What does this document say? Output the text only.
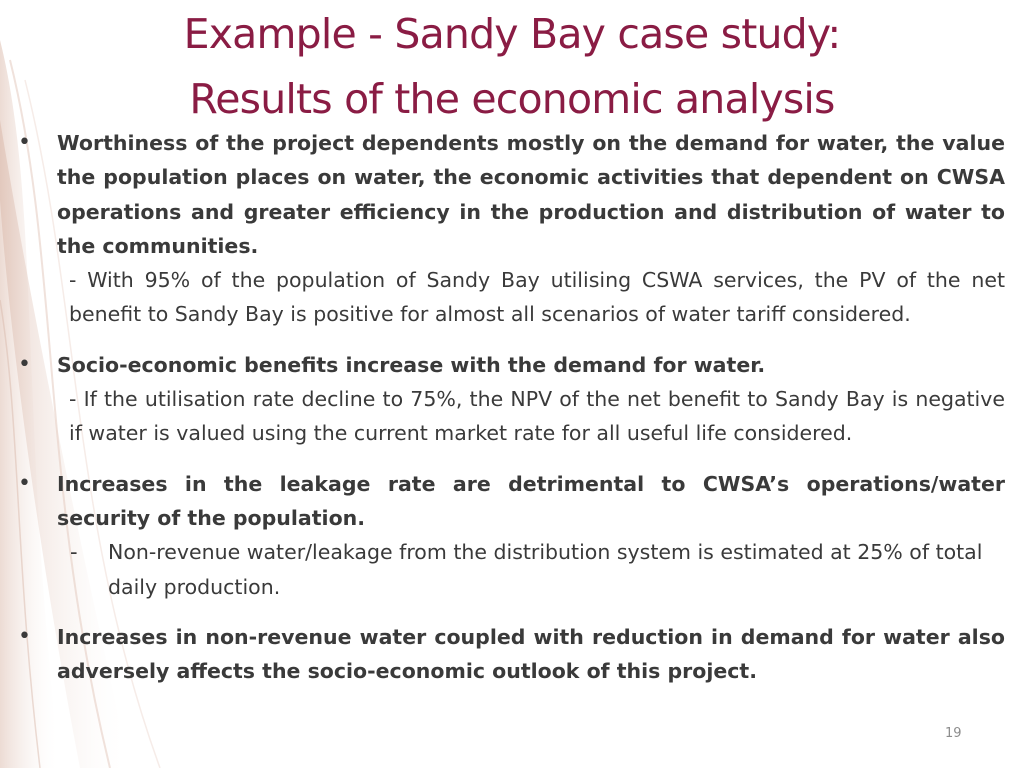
Example - Sandy Bay case study:
Results of the economic analysis
• Worthiness of the project dependents mostly on the demand for water, the value the population places on water, the economic activities that dependent on CWSA operations and greater efficiency in the production and distribution of water to the communities.
- With 95% of the population of Sandy Bay utilising CSWA services, the PV of the net benefit to Sandy Bay is positive for almost all scenarios of water tariff considered.
• Socio-economic benefits increase with the demand for water.
- If the utilisation rate decline to 75%, the NPV of the net benefit to Sandy Bay is negative if water is valued using the current market rate for all useful life considered.
• Increases in the leakage rate are detrimental to CWSA’s operations/water security of the population.
- Non-revenue water/leakage from the distribution system is estimated at 25% of total daily production.
• Increases in non-revenue water coupled with reduction in demand for water also adversely affects the socio-economic outlook of this project.
19
